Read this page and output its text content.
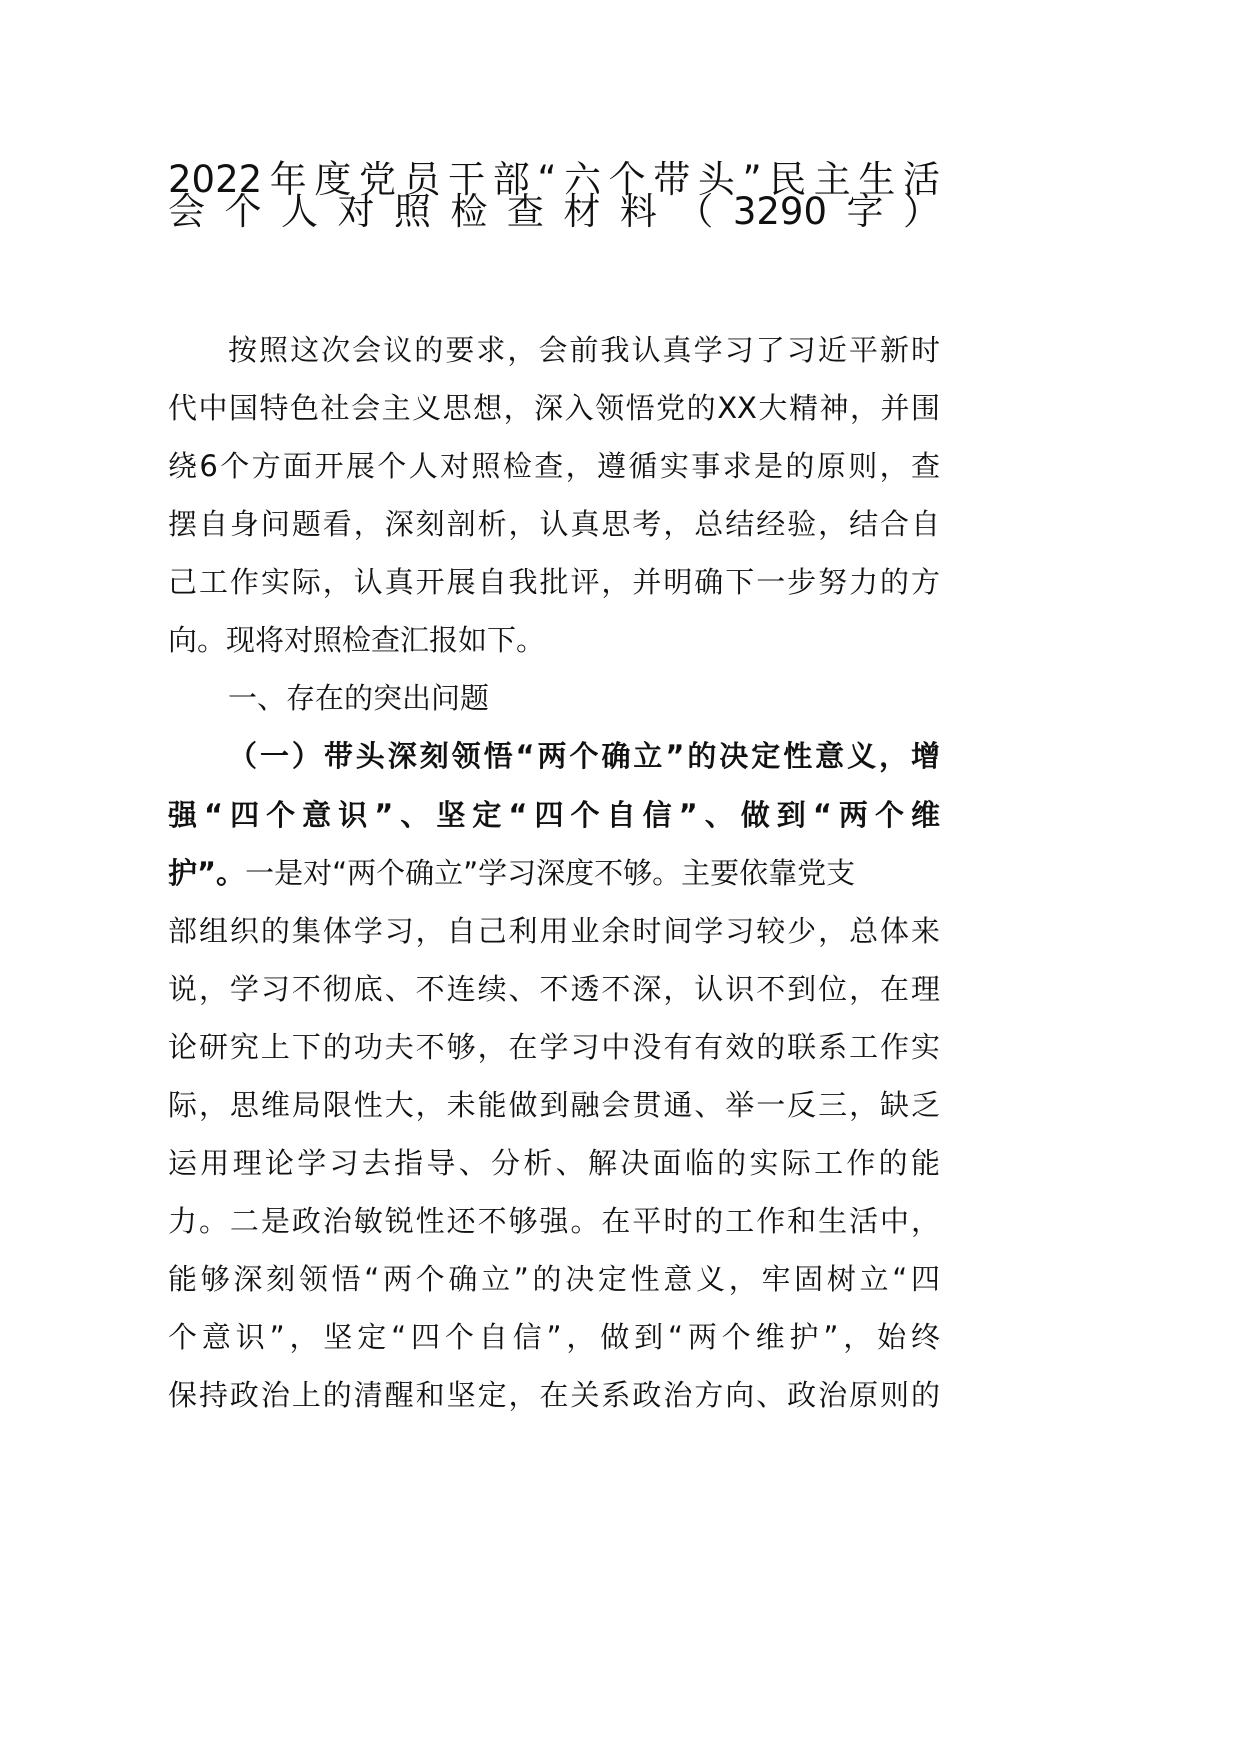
2022年度党员干部“六个带头”民主生活
会个人对照检查材料（3290字）
按照这次会议的要求，会前我认真学习了习近平新时
代中国特色社会主义思想，深入领悟党的XX大精神，并围
绕6个方面开展个人对照检查，遵循实事求是的原则，查
摆自身问题看，深刻剖析，认真思考，总结经验，结合自
己工作实际，认真开展自我批评，并明确下一步努力的方
向。现将对照检查汇报如下。
一、存在的突出问题
（一）带头深刻领悟“两个确立”的决定性意义，增
强“四个意识”、坚定“四个自信”、做到“两个维
护”。一是对“两个确立”学习深度不够。主要依靠党支
部组织的集体学习，自己利用业余时间学习较少，总体来
说，学习不彻底、不连续、不透不深，认识不到位，在理
论研究上下的功夫不够，在学习中没有有效的联系工作实
际，思维局限性大，未能做到融会贯通、举一反三，缺乏
运用理论学习去指导、分析、解决面临的实际工作的能
力。二是政治敏锐性还不够强。在平时的工作和生活中，
能够深刻领悟“两个确立”的决定性意义，牢固树立“四
个意识”，坚定“四个自信”，做到“两个维护”，始终
保持政治上的清醒和坚定，在关系政治方向、政治原则的
